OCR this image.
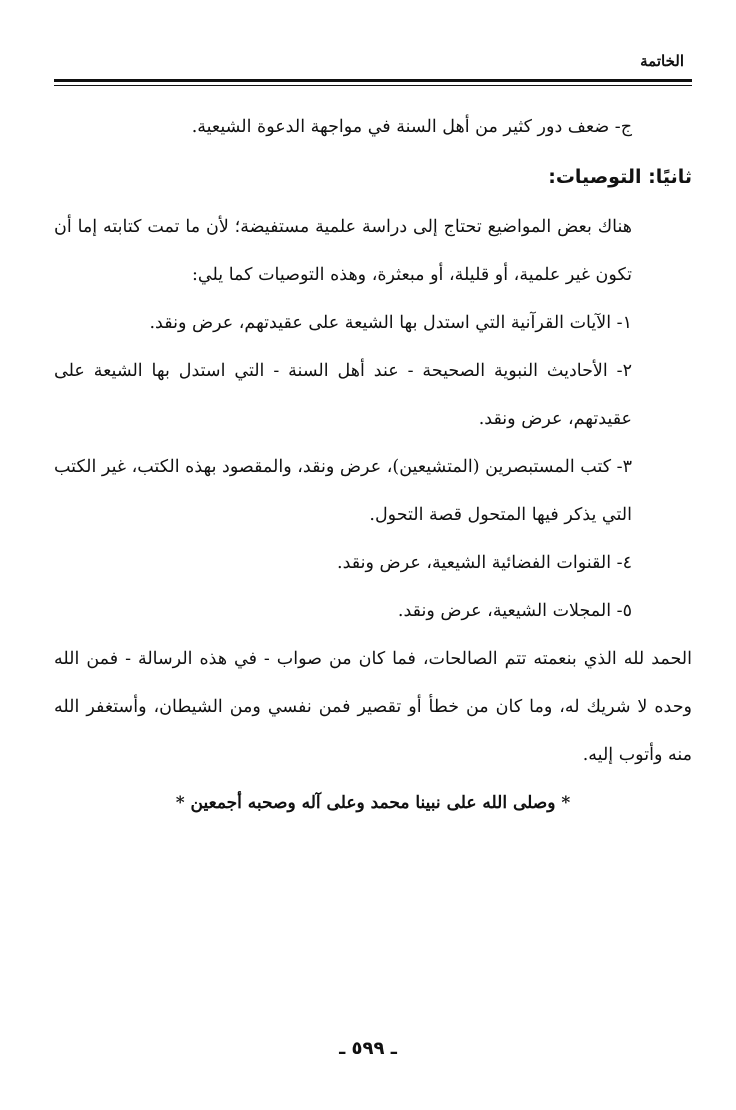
الخاتمة

ج- ضعف دور كثير من أهل السنة في مواجهة الدعوة الشيعية.

ثانيًا: التوصيات:

هناك بعض المواضيع تحتاج إلى دراسة علمية مستفيضة؛ لأن ما تمت كتابته إما أن تكون غير علمية، أو قليلة، أو مبعثرة، وهذه التوصيات كما يلي:

١- الآيات القرآنية التي استدل بها الشيعة على عقيدتهم، عرض ونقد.

٢- الأحاديث النبوية الصحيحة - عند أهل السنة - التي استدل بها الشيعة على عقيدتهم، عرض ونقد.

٣- كتب المستبصرين (المتشيعين)، عرض ونقد، والمقصود بهذه الكتب، غير الكتب التي يذكر فيها المتحول قصة التحول.

٤- القنوات الفضائية الشيعية، عرض ونقد.

٥- المجلات الشيعية، عرض ونقد.

الحمد لله الذي بنعمته تتم الصالحات، فما كان من صواب - في هذه الرسالة - فمن الله وحده لا شريك له، وما كان من خطأ أو تقصير فمن نفسي ومن الشيطان، وأستغفر الله منه وأتوب إليه.

* وصلى الله على نبينا محمد وعلى آله وصحبه أجمعين *

ـ ٥٩٩ ـ
